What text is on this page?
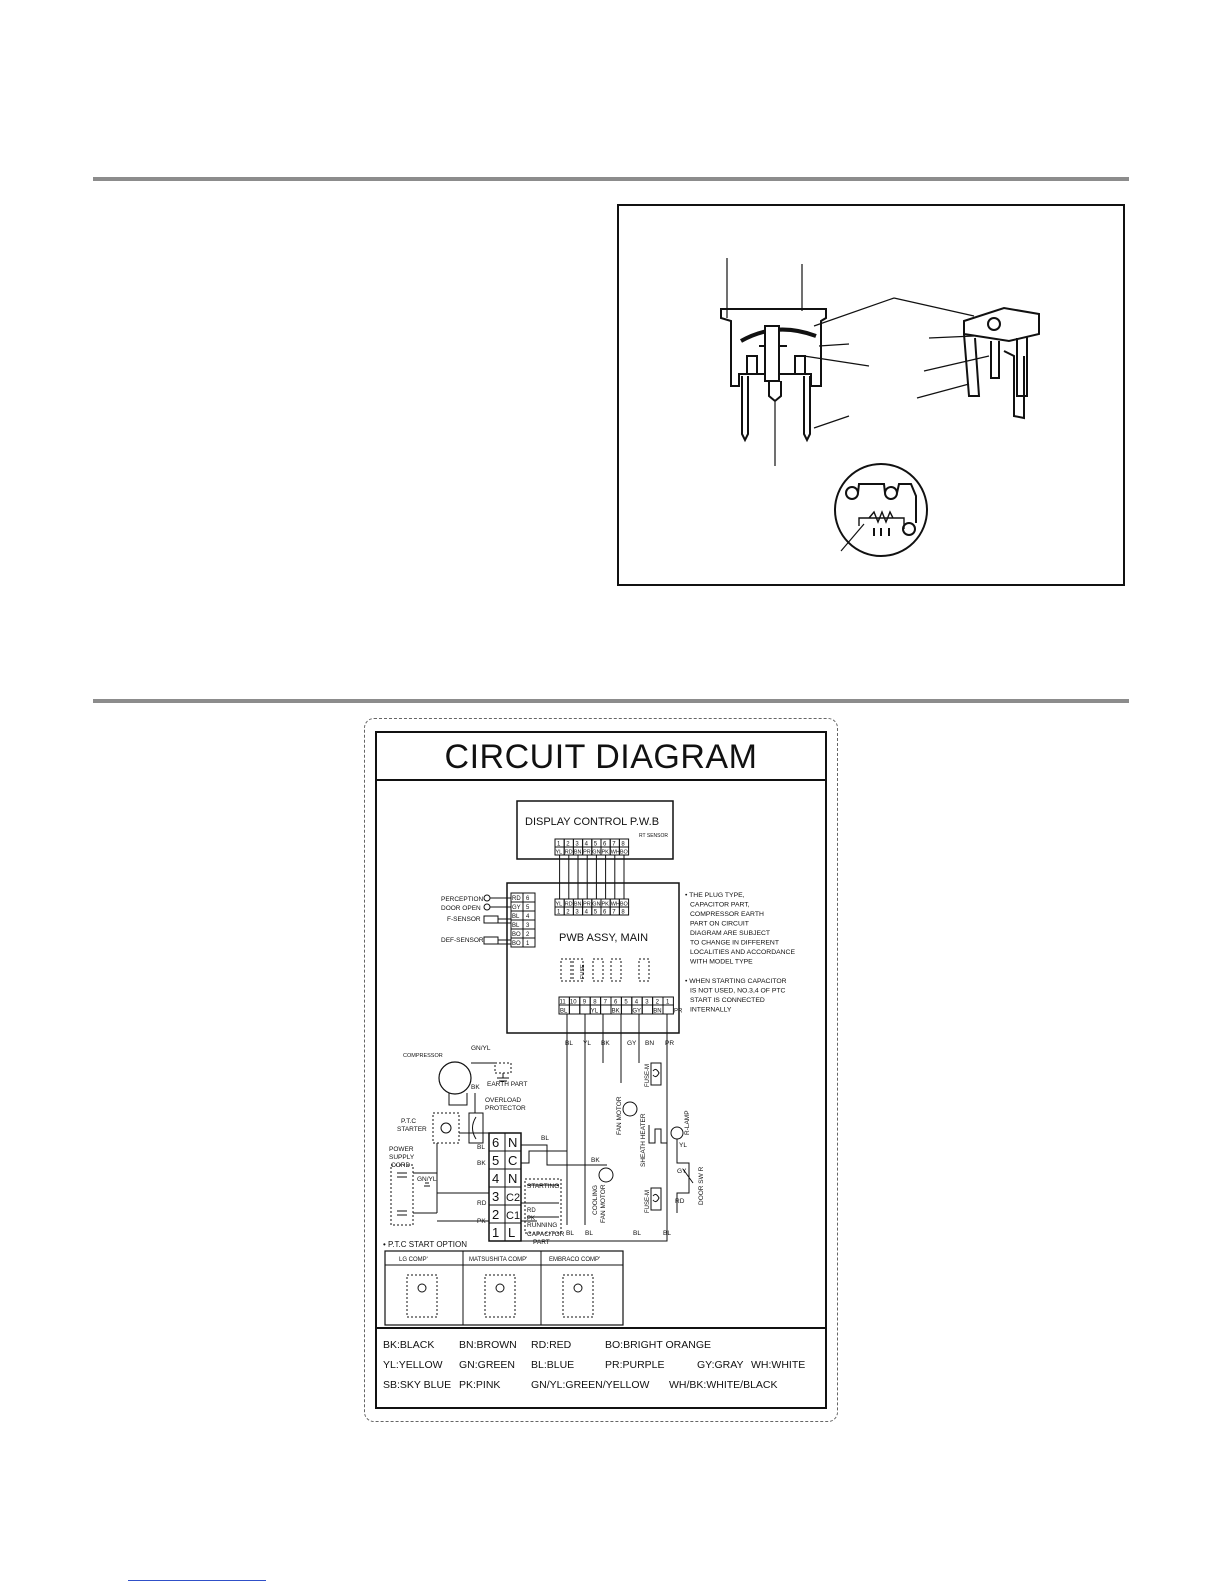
CIRCUIT DIAGRAM
DISPLAY CONTROL P.W.B
RT SENSOR
1 2 3 4 5 6 7 8
YL RD BN PR GN PK WH BO
YL RD BN PR GN PK WH BO
1 2 3 4 5 6 7 8
PWB ASSY, MAIN
PERCEPTION
DOOR OPEN
F-SENSOR
DEF-SENSOR
RD 6
GY 5
BL 4
BL 3
BO 2
BO 1
FUSE
11 10 9 8 7 6 5 4 3 2 1
BL	YL BK GY BN PR
• THE PLUG TYPE,
CAPACITOR PART,
COMPRESSOR EARTH
PART ON CIRCUIT
DIAGRAM ARE SUBJECT
TO CHANGE IN DIFFERENT
LOCALITIES AND ACCORDANCE
WITH MODEL TYPE
• WHEN STARTING CAPACITOR
IS NOT USED, NO.3,4 OF PTC
START IS CONNECTED
INTERNALLY
BL YL BK	GY BN PR
COMPRESSOR
GN/YL
EARTH PART
BK
OVERLOAD
PROTECTOR
P.T.C
STARTER
POWER
SUPPLY
CORD
GN/YL
BL
BK
RD
PK
BL
BK
6
5
4
3
2
1
N
C
N
C2
C1
L
STARTING
RD
PK
RUNNING
CAPACITOR
PART
BL BL
FAN MOTOR
COOLING FAN MOTOR
FUSE-M
SHEATH HEATER
FUSE-M
R-LAMP
YL
GY
RD DOOR SW R
BL	BL
• P.T.C START OPTION
LG COMP'	MATSUSHITA COMP'	EMBRACO COMP'
BK:BLACK BN:BROWN RD:RED	BO:BRIGHT ORANGE
YL:YELLOW GN:GREEN BL:BLUE	PR:PURPLE	GY:GRAY WH:WHITE
SB:SKY BLUE PK:PINK	GN/YL:GREEN/YELLOW WH/BK:WHITE/BLACK
